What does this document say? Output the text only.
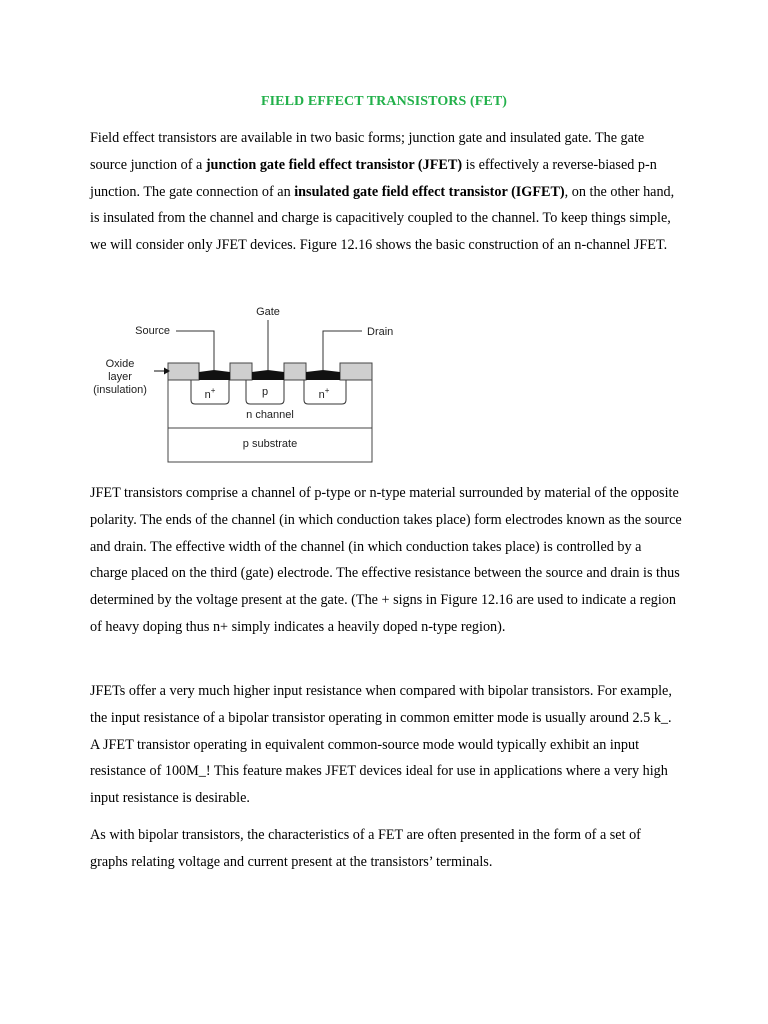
FIELD EFFECT TRANSISTORS (FET)

Field effect transistors are available in two basic forms; junction gate and insulated gate. The gate source junction of a junction gate field effect transistor (JFET) is effectively a reverse-biased p-n junction. The gate connection of an insulated gate field effect transistor (IGFET), on the other hand, is insulated from the channel and charge is capacitively coupled to the channel. To keep things simple, we will consider only JFET devices. Figure 12.16 shows the basic construction of an n-channel JFET.

Gate
Source	Drain
Oxide
layer
(insulation)	n+	p	n+
n channel
p substrate

JFET transistors comprise a channel of p-type or n-type material surrounded by material of the opposite polarity. The ends of the channel (in which conduction takes place) form electrodes known as the source and drain. The effective width of the channel (in which conduction takes place) is controlled by a charge placed on the third (gate) electrode. The effective resistance between the source and drain is thus determined by the voltage present at the gate. (The + signs in Figure 12.16 are used to indicate a region of heavy doping thus n+ simply indicates a heavily doped n-type region).

JFETs offer a very much higher input resistance when compared with bipolar transistors. For example, the input resistance of a bipolar transistor operating in common emitter mode is usually around 2.5 k_. A JFET transistor operating in equivalent common-source mode would typically exhibit an input resistance of 100M_! This feature makes JFET devices ideal for use in applications where a very high input resistance is desirable.

As with bipolar transistors, the characteristics of a FET are often presented in the form of a set of graphs relating voltage and current present at the transistors’ terminals.
